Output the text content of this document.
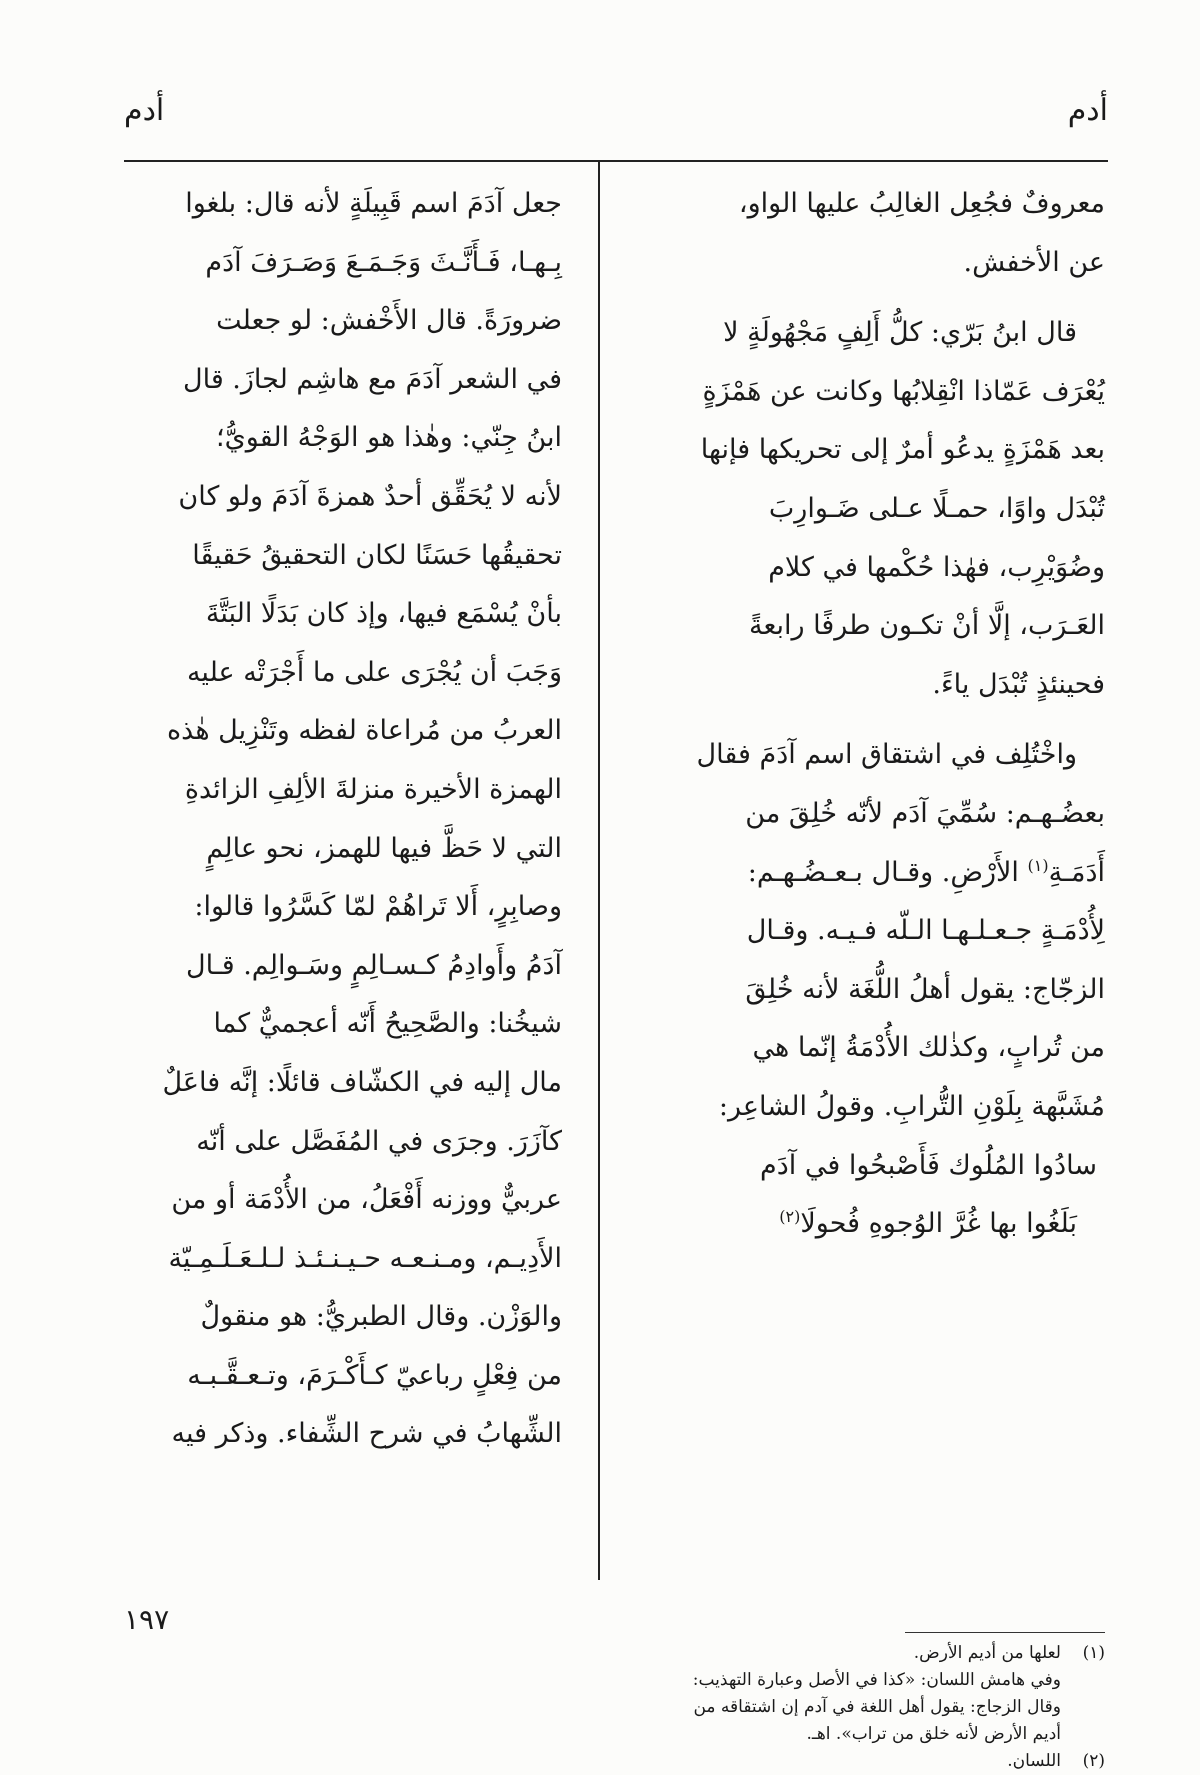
أدم
أدم

معروفٌ فجُعِل الغالِبُ عليها الواو،
عن الأخفش.

قال ابنُ بَرّي: كلُّ أَلِفٍ مَجْهُولَةٍ لا
يُعْرَف عَمّاذا انْقِلابُها وكانت عن هَمْزَةٍ
بعد هَمْزَةٍ يدعُو أمرٌ إلى تحريكها فإنها
تُبْدَل واوًا، حمـلًا عـلى ضَـوارِبَ
وضُوَيْرِب، فهٰذا حُكْمها في كلام
العَـرَب، إلَّا أنْ تكـون طرفًا رابعةً
فحينئذٍ تُبْدَل ياءً.

واخْتُلِف في اشتقاق اسم آدَمَ فقال
بعضُـهـم: سُمِّيَ آدَم لأنّه خُلِقَ من
أَدَمَـةِ$^{(١)}$ الأَرْضِ. وقـال بـعـضُـهـم:
لِأُدْمَـةٍ جـعـلـهـا الـلّه فـيـه. وقـال
الزجّاج: يقول أهلُ اللُّغَة لأنه خُلِقَ
من تُرابٍ، وكذٰلك الأُدْمَةُ إنّما هي
مُشَبَّهة بِلَوْنِ التُّرابِ. وقولُ الشاعِر:

سادُوا المُلُوك فَأَصْبحُوا في آدَم
بَلَغُوا بها غُرَّ الوُجوهِ فُحولَا$^{(٢)}$

جعل آدَمَ اسم قَبِيلَةٍ لأنه قال: بلغوا
بِـهـا، فَـأَنَّـثَ وَجَـمَـعَ وَصَـرَفَ آدَم
ضرورَةً. قال الأَخْفش: لو جعلت
في الشعر آدَمَ مع هاشِم لجازَ. قال
ابنُ جِنّي: وهٰذا هو الوَجْهُ القويُّ؛
لأنه لا يُحَقِّق أحدٌ همزةَ آدَمَ ولو كان
تحقيقُها حَسَنًا لكان التحقيقُ حَقيقًا
بأنْ يُسْمَع فيها، وإذ كان بَدَلًا البَتَّةَ
وَجَبَ أن يُجْرَى على ما أَجْرَتْه عليه
العربُ من مُراعاة لفظه وتَنْزِيل هٰذه
الهمزة الأخيرة منزلةَ الألِفِ الزائدةِ
التي لا حَظَّ فيها للهمز، نحو عالِمٍ
وصابِرٍ، أَلا تَراهُمْ لمّا كَسَّرُوا قالوا:
آدَمُ وأَوادِمُ كـسـالِمٍ وسَـوالِم. قـال
شيخُنا: والصَّحِيحُ أَنّه أعجميٌّ كما
مال إليه في الكشّاف قائلًا: إنَّه فاعَلٌ
كآزَرَ. وجرَى في المُفَصَّل على أنّه
عربيٌّ ووزنه أَفْعَلُ، من الأُدْمَة أو من
الأَدِيـم، ومـنـعـه حـيـنـئـذ لـلـعَـلَـمِـيّة
والوَزْن. وقال الطبريُّ: هو منقولٌ
من فِعْلٍ رباعيّ كـأَكْـرَمَ، وتـعـقَّـبـه
الشِّهابُ في شرح الشِّفاء. وذكر فيه

(١)لعلها من أديم الأرض.
وفي هامش اللسان: «كذا في الأصل وعبارة التهذيب:
وقال الزجاج: يقول أهل اللغة في آدم إن اشتقاقه من
أديم الأرض لأنه خلق من تراب». اهـ.
(٢)اللسان.
١٩٧
